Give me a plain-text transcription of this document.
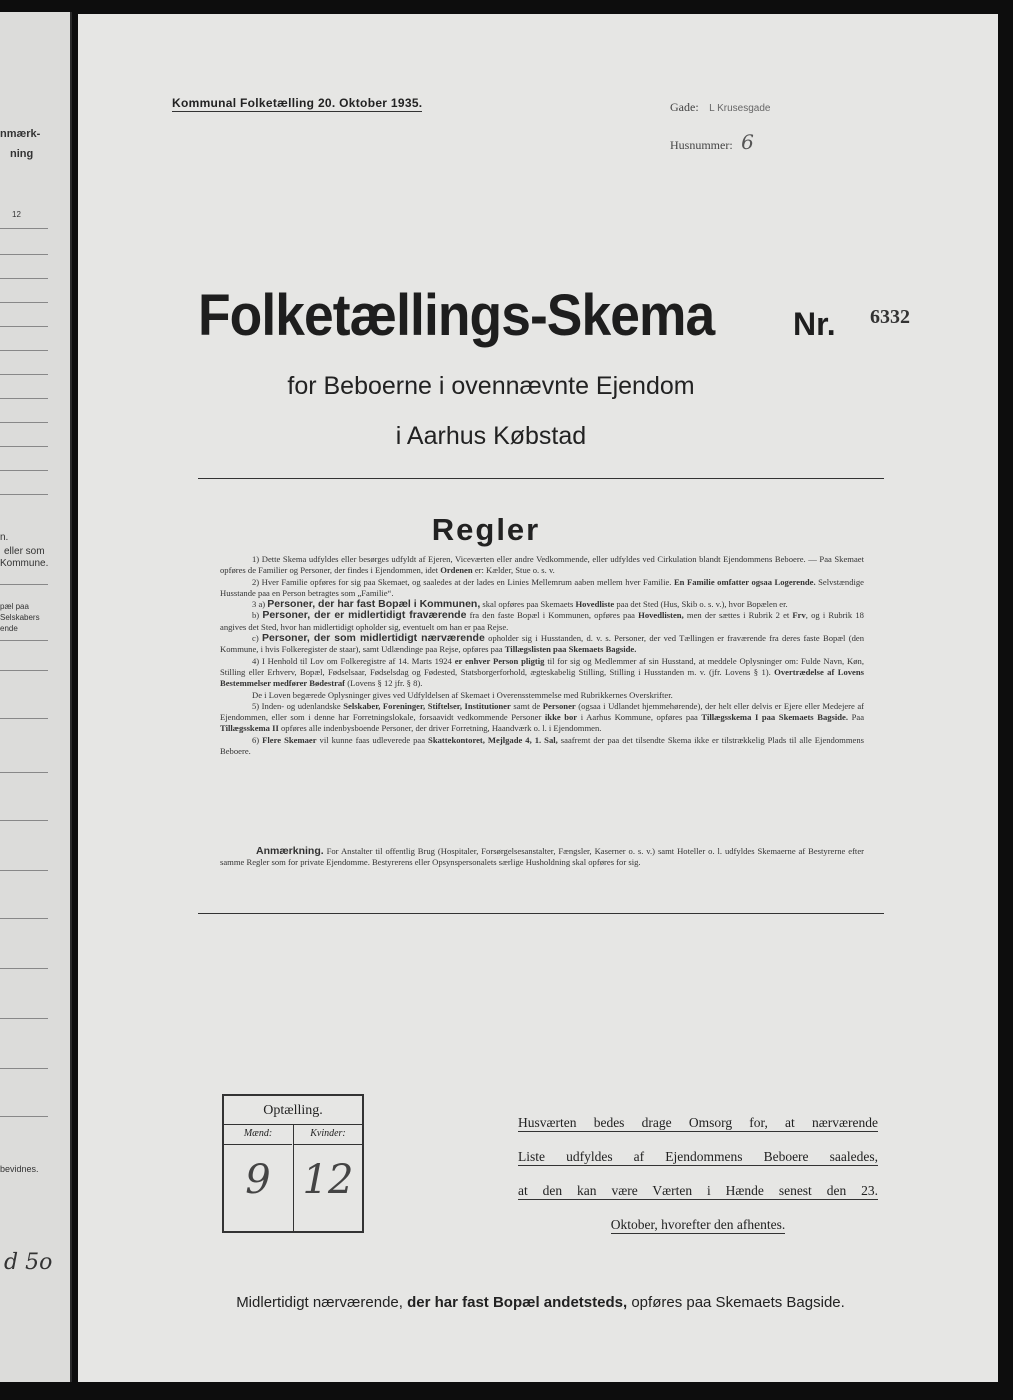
nmærk-
ning
12
n.
eller som
Kommune.
pæl paa
Selskabers
ende
bevidnes.
d 5o
Kommunal Folketælling 20. Oktober 1935.	Gade: L Krusesgade
Husnummer: 6
Folketællings-Skema Nr. 6332
for Beboerne i ovennævnte Ejendom
i Aarhus Købstad
Regler

1) Dette Skema udfyldes eller besørges udfyldt af Ejeren, Viceværten eller andre Vedkommende, eller udfyldes ved Cirkulation blandt Ejendommens Beboere. — Paa Skemaet opføres de Familier og Personer, der findes i Ejendommen, idet Ordenen er: Kælder, Stue o. s. v.

2) Hver Familie opføres for sig paa Skemaet, og saaledes at der lades en Linies Mellemrum aaben mellem hver Familie. En Familie omfatter ogsaa Logerende. Selvstændige Husstande paa en Person betragtes som „Familie“.

3 a) Personer, der har fast Bopæl i Kommunen, skal opføres paa Skemaets Hovedliste paa det Sted (Hus, Skib o. s. v.), hvor Bopælen er.

b) Personer, der er midlertidigt fraværende fra den faste Bopæl i Kommunen, opføres paa Hovedlisten, men der sættes i Rubrik 2 et Frv, og i Rubrik 18 angives det Sted, hvor han midlertidigt opholder sig, eventuelt om han er paa Rejse.

c) Personer, der som midlertidigt nærværende opholder sig i Husstanden, d. v. s. Personer, der ved Tællingen er fraværende fra deres faste Bopæl (den Kommune, i hvis Folkeregister de staar), samt Udlændinge paa Rejse, opføres paa Tillægslisten paa Skemaets Bagside.

4) I Henhold til Lov om Folkeregistre af 14. Marts 1924 er enhver Person pligtig til for sig og Medlemmer af sin Husstand, at meddele Oplysninger om: Fulde Navn, Køn, Stilling eller Erhverv, Bopæl, Fødselsaar, Fødselsdag og Fødested, Statsborgerforhold, ægteskabelig Stilling, Stilling i Husstanden m. v. (jfr. Lovens § 1). Overtrædelse af Lovens Bestemmelser medfører Bødestraf (Lovens § 12 jfr. § 8).

De i Loven begærede Oplysninger gives ved Udfyldelsen af Skemaet i Overensstemmelse med Rubrikkernes Overskrifter.

5) Inden- og udenlandske Selskaber, Foreninger, Stiftelser, Institutioner samt de Personer (ogsaa i Udlandet hjemmehørende), der helt eller delvis er Ejere eller Medejere af Ejendommen, eller som i denne har Forretningslokale, forsaavidt vedkommende Personer ikke bor i Aarhus Kommune, opføres paa Tillægsskema I paa Skemaets Bagside. Paa Tillægsskema II opføres alle indenbysboende Personer, der driver Forretning, Haandværk o. l. i Ejendommen.

6) Flere Skemaer vil kunne faas udleverede paa Skattekontoret, Mejlgade 4, 1. Sal, saafremt der paa det tilsendte Skema ikke er tilstrækkelig Plads til alle Ejendommens Beboere.

Anmærkning. For Anstalter til offentlig Brug (Hospitaler, Forsørgelsesanstalter, Fængsler, Kaserner o. s. v.) samt Hoteller o. l. udfyldes Skemaerne af Bestyrerne efter samme Regler som for private Ejendomme. Bestyrerens eller Opsynspersonalets særlige Husholdning skal opføres for sig.

Optælling.
Mænd:
9
Kvinder:
12
Husværten bedes drage Omsorg for, at nærværende
Liste udfyldes af Ejendommens Beboere saaledes,
at den kan være Værten i Hænde senest den 23.
Oktober, hvorefter den afhentes.
Midlertidigt nærværende, der har fast Bopæl andetsteds, opføres paa Skemaets Bagside.
